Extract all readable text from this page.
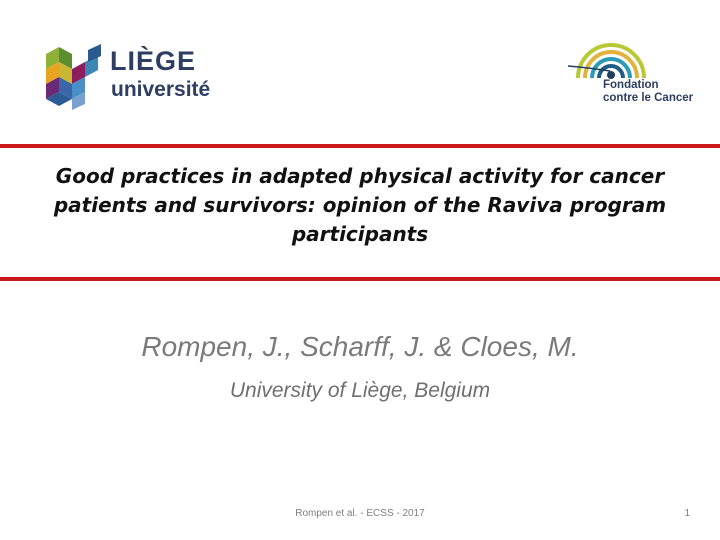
LIÈGE
université	Fondation
contre le Cancer
Good practices in adapted physical activity for cancer patients and survivors: opinion of the Raviva program participants

Rompen, J., Scharff, J. & Cloes, M.

University of Liège, Belgium

Rompen et al. - ECSS - 2017	1
